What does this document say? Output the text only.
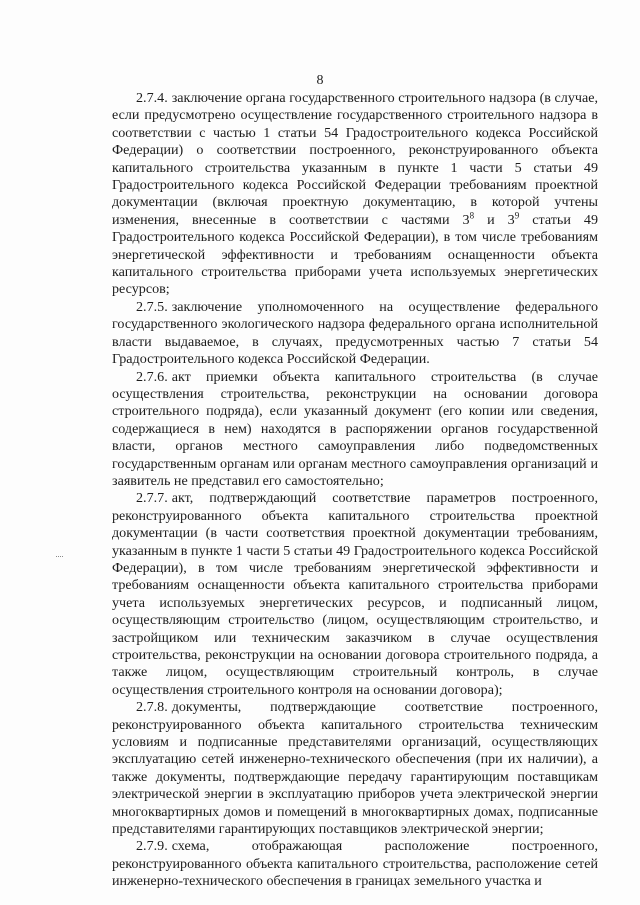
8

2.7.4. заключение органа государственного строительного надзора (в случае, если предусмотрено осуществление государственного строительного надзора в соответствии с частью 1 статьи 54 Градостроительного кодекса Российской Федерации) о соответствии построенного, реконструированного объекта капитального строительства указанным в пункте 1 части 5 статьи 49 Градостроительного кодекса Российской Федерации требованиям проектной документации (включая проектную документацию, в которой учтены изменения, внесенные в соответствии с частями $3^8$ и $3^9$ статьи 49 Градостроительного кодекса Российской Федерации), в том числе требованиям энергетической эффективности и требованиям оснащенности объекта капитального строительства приборами учета используемых энергетических ресурсов;

2.7.5. заключение уполномоченного на осуществление федерального государственного экологического надзора федерального органа исполнительной власти выдаваемое, в случаях, предусмотренных частью 7 статьи 54 Градостроительного кодекса Российской Федерации.

2.7.6. акт приемки объекта капитального строительства (в случае осуществления строительства, реконструкции на основании договора строительного подряда), если указанный документ (его копии или сведения, содержащиеся в нем) находятся в распоряжении органов государственной власти, органов местного самоуправления либо подведомственных государственным органам или органам местного самоуправления организаций и заявитель не представил его самостоятельно;

2.7.7. акт, подтверждающий соответствие параметров построенного, реконструированного объекта капитального строительства проектной документации (в части соответствия проектной документации требованиям, указанным в пункте 1 части 5 статьи 49 Градостроительного кодекса Российской Федерации), в том числе требованиям энергетической эффективности и требованиям оснащенности объекта капитального строительства приборами учета используемых энергетических ресурсов, и подписанный лицом, осуществляющим строительство (лицом, осуществляющим строительство, и застройщиком или техническим заказчиком в случае осуществления строительства, реконструкции на основании договора строительного подряда, а также лицом, осуществляющим строительный контроль, в случае осуществления строительного контроля на основании договора);

2.7.8. документы, подтверждающие соответствие построенного, реконструированного объекта капитального строительства техническим условиям и подписанные представителями организаций, осуществляющих эксплуатацию сетей инженерно-технического обеспечения (при их наличии), а также документы, подтверждающие передачу гарантирующим поставщикам электрической энергии в эксплуатацию приборов учета электрической энергии многоквартирных домов и помещений в многоквартирных домах, подписанные представителями гарантирующих поставщиков электрической энергии;

2.7.9. схема, отображающая расположение построенного, реконструированного объекта капитального строительства, расположение сетей инженерно-технического обеспечения в границах земельного участка и
